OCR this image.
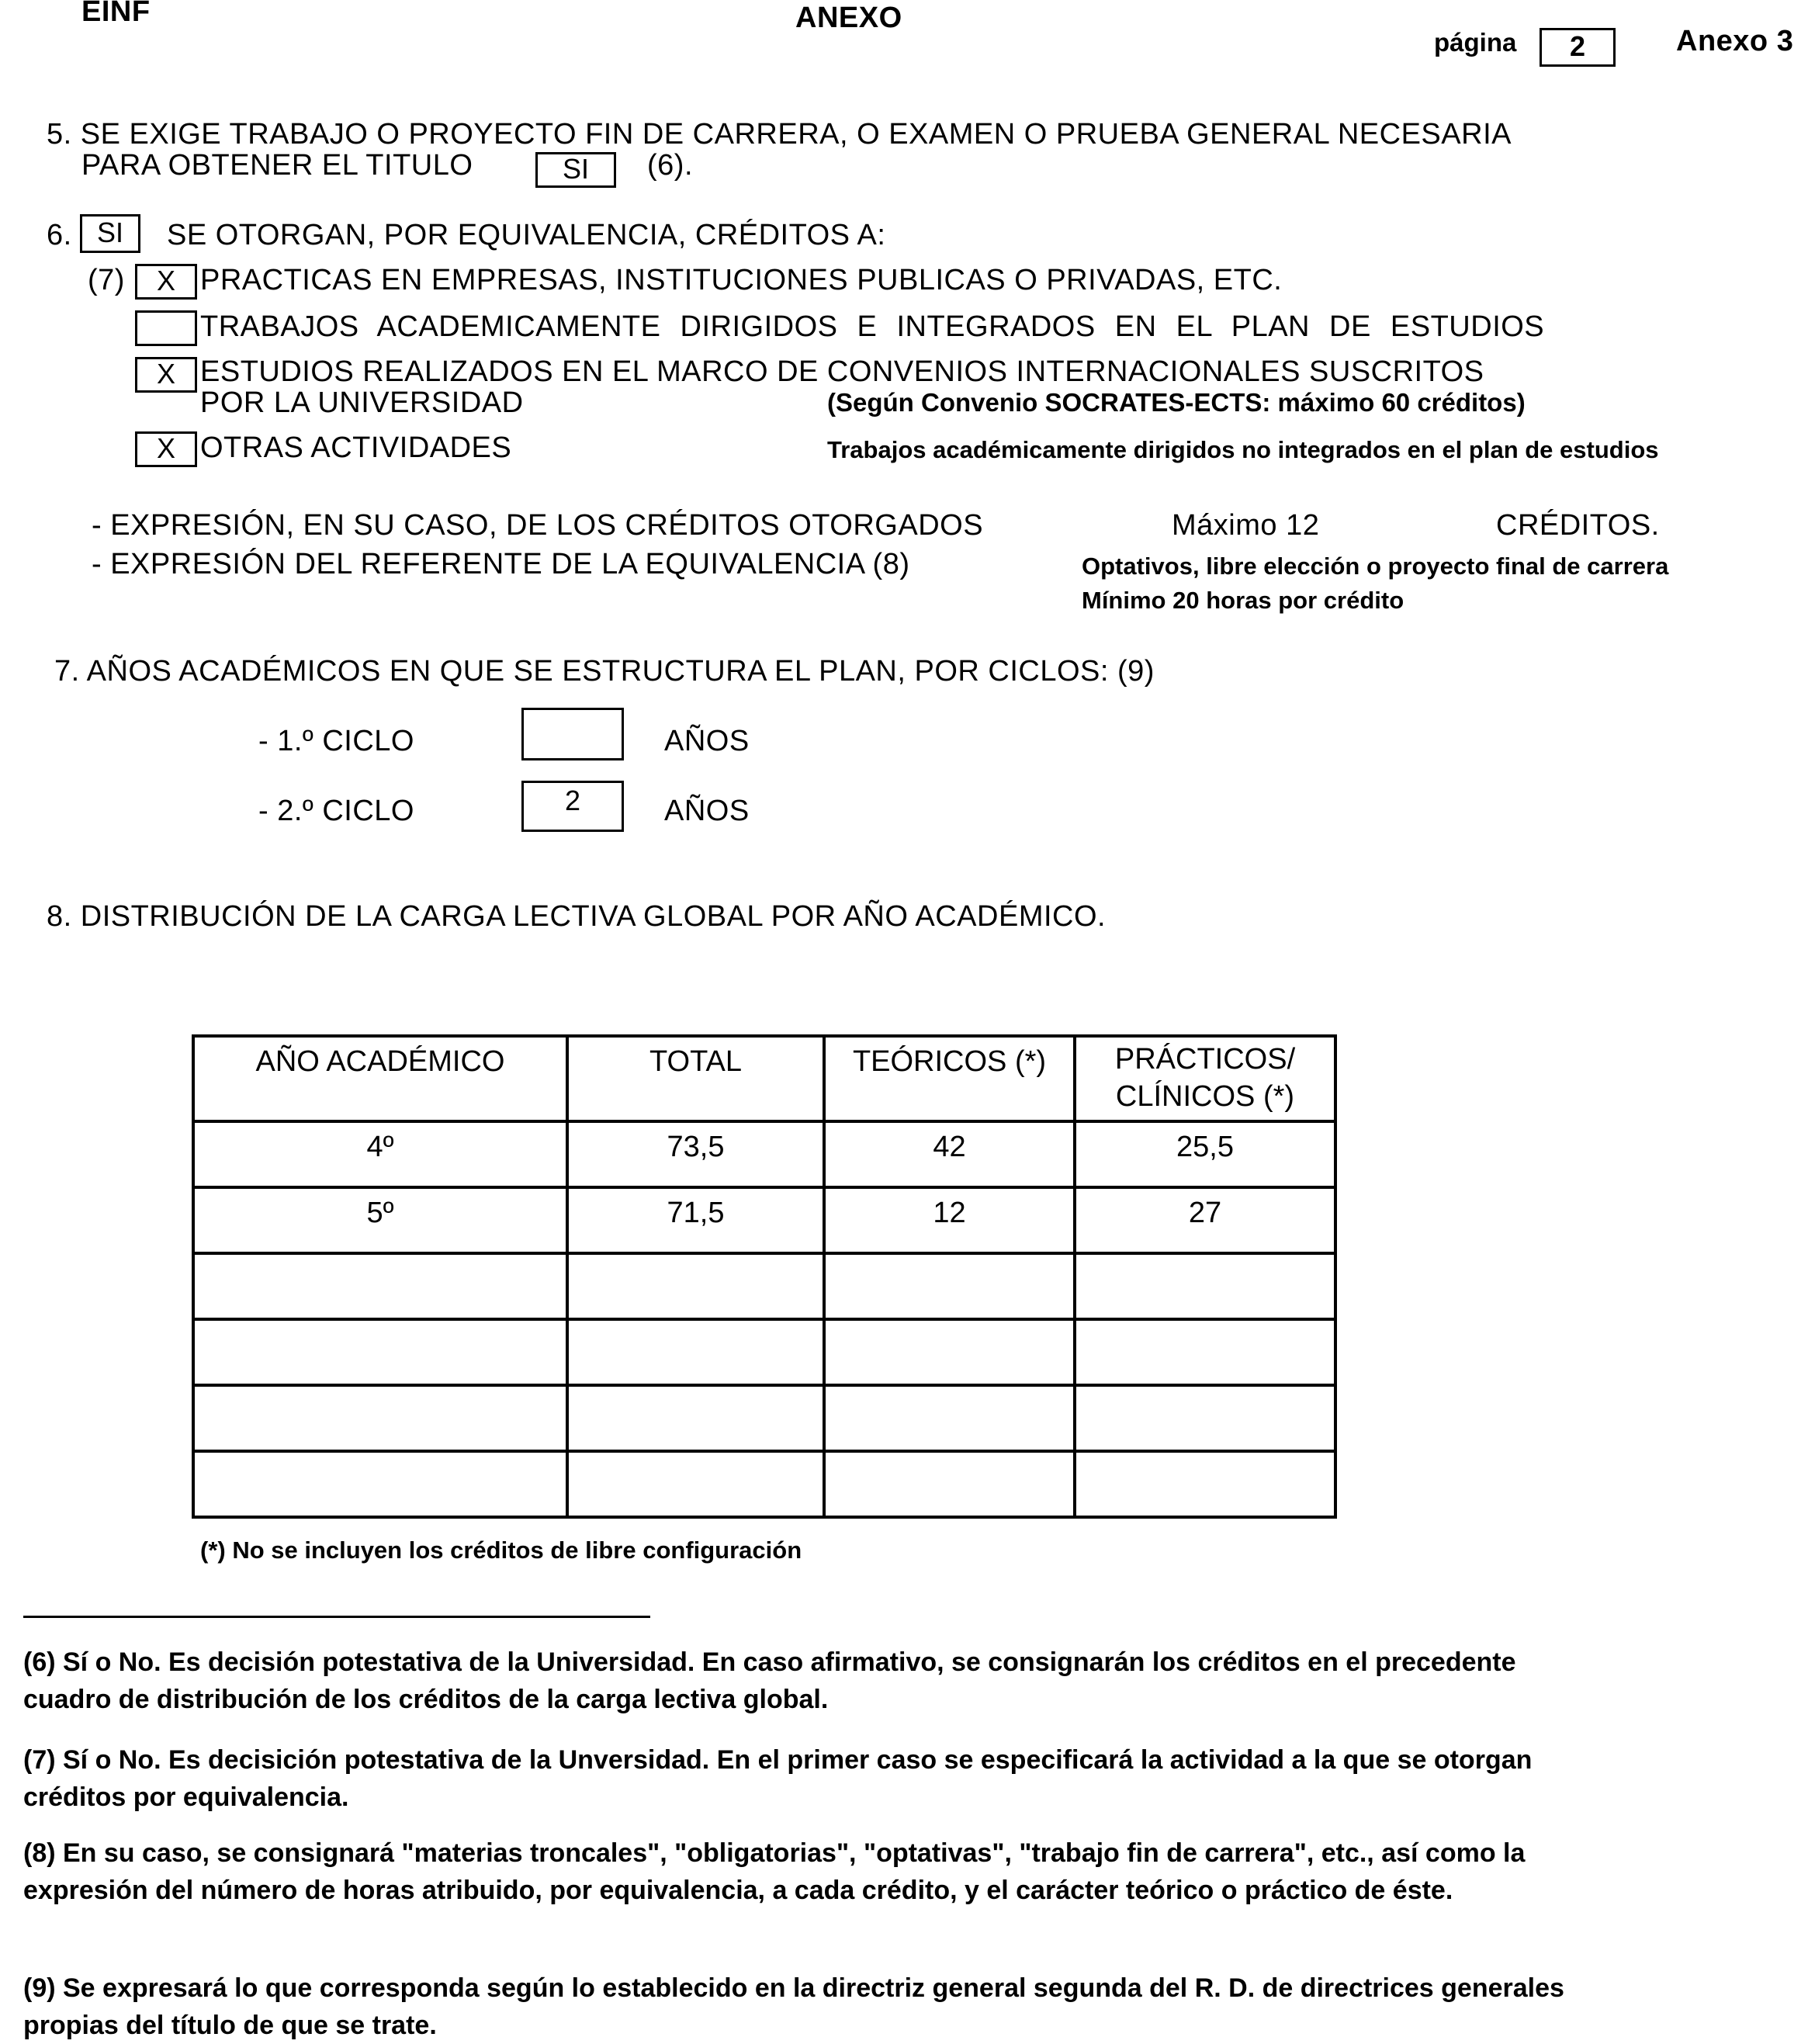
EINF	ANEXO
página	2	Anexo 3
5. SE EXIGE TRABAJO O PROYECTO FIN DE CARRERA, O EXAMEN O PRUEBA GENERAL NECESARIA
PARA OBTENER EL TITULO	SI	(6).
6. SI	SE OTORGAN, POR EQUIVALENCIA, CRÉDITOS A:
(7)	X PRACTICAS EN EMPRESAS, INSTITUCIONES PUBLICAS O PRIVADAS, ETC.
TRABAJOS ACADEMICAMENTE DIRIGIDOS E INTEGRADOS EN EL PLAN DE ESTUDIOS
X ESTUDIOS REALIZADOS EN EL MARCO DE CONVENIOS INTERNACIONALES SUSCRITOS
POR LA UNIVERSIDAD	(Según Convenio SOCRATES-ECTS: máximo 60 créditos)
X OTRAS ACTIVIDADES	Trabajos académicamente dirigidos no integrados en el plan de estudios
- EXPRESIÓN, EN SU CASO, DE LOS CRÉDITOS OTORGADOS	Máximo 12	CRÉDITOS.
- EXPRESIÓN DEL REFERENTE DE LA EQUIVALENCIA (8)	Optativos, libre elección o proyecto final de carrera
Mínimo 20 horas por crédito
7. AÑOS ACADÉMICOS EN QUE SE ESTRUCTURA EL PLAN, POR CICLOS: (9)
- 1.º CICLO	AÑOS
- 2.º CICLO	2	AÑOS
8. DISTRIBUCIÓN DE LA CARGA LECTIVA GLOBAL POR AÑO ACADÉMICO.
AÑO ACADÉMICO	TOTAL	TEÓRICOS (*)	PRÁCTICOS/
CLÍNICOS (*)

4º	73,5	42	25,5
5º	71,5	12	27

(*) No se incluyen los créditos de libre configuración
(6) Sí o No. Es decisión potestativa de la Universidad. En caso afirmativo, se consignarán los créditos en el precedente cuadro de distribución de los créditos de la carga lectiva global.
(7) Sí o No. Es decisición potestativa de la Unversidad. En el primer caso se especificará la actividad a la que se otorgan créditos por equivalencia.
(8) En su caso, se consignará "materias troncales", "obligatorias", "optativas", "trabajo fin de carrera", etc., así como la expresión del número de horas atribuido, por equivalencia, a cada crédito, y el carácter teórico o práctico de éste.
(9) Se expresará lo que corresponda según lo establecido en la directriz general segunda del R. D. de directrices generales propias del título de que se trate.
